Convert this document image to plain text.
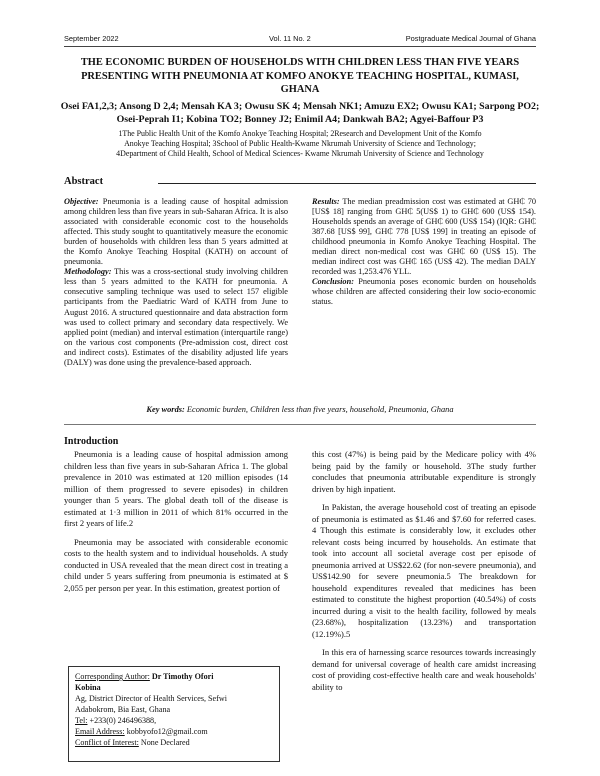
September 2022	Vol. 11 No. 2	Postgraduate Medical Journal of Ghana
THE ECONOMIC BURDEN OF HOUSEHOLDS WITH CHILDREN LESS THAN FIVE YEARS PRESENTING WITH PNEUMONIA AT KOMFO ANOKYE TEACHING HOSPITAL, KUMASI, GHANA

Osei FA1,2,3; Ansong D 2,4; Mensah KA 3; Owusu SK 4; Mensah NK1; Amuzu EX2; Owusu KA1; Sarpong PO2; Osei-Peprah I1; Kobina TO2; Bonney J2; Enimil A4; Dankwah BA2; Agyei-Baffour P3

1The Public Health Unit of the Komfo Anokye Teaching Hospital; 2Research and Development Unit of the Komfo
Anokye Teaching Hospital; 3School of Public Health-Kwame Nkrumah University of Science and Technology;
4Department of Child Health, School of Medical Sciences- Kwame Nkrumah University of Science and Technology
Abstract

Objective: Pneumonia is a leading cause of hospital admission among children less than five years in sub-Saharan Africa. It is also associated with considerable economic cost to the households affected. This study sought to quantitatively measure the economic burden of households with children less than 5 years admitted at the Komfo Anokye Teaching Hospital (KATH) on account of pneumonia.

Methodology: This was a cross-sectional study involving children less than 5 years admitted to the KATH for pneumonia. A consecutive sampling technique was used to select 157 eligible participants from the Paediatric Ward of KATH from June to August 2016. A structured questionnaire and data abstraction form was used to collect primary and secondary data respectively. We applied point (median) and interval estimation (interquartile range) on the various cost components (Pre-admission cost, direct cost and indirect costs). Estimates of the disability adjusted life years (DALY) was done using the prevalence-based approach.

Results: The median preadmission cost was estimated at GH₵ 70 [US$ 18] ranging from GH₵ 5(US$ 1) to GH₵ 600 (US$ 154). Households spends an average of GH₵ 600 (US$ 154) (IQR: GH₵ 387.68 [US$ 99], GH₵ 778 [US$ 199] in treating an episode of childhood pneumonia in Komfo Anokye Teaching Hospital. The median direct non-medical cost was GH₵ 60 (US$ 15). The median indirect cost was GH₵ 165 (US$ 42). The median DALY recorded was 1,253.476 YLL.

Conclusion: Pneumonia poses economic burden on households whose children are affected considering their low socio-economic status.

Key words: Economic burden, Children less than five years, household, Pneumonia, Ghana
Introduction

Pneumonia is a leading cause of hospital admission among children less than five years in sub-Saharan Africa 1. The global prevalence in 2010 was estimated at 120 million episodes (14 million of them progressed to severe episodes) in children younger than 5 years. The global death toll of the disease is estimated at 1·3 million in 2011 of which 81% occurred in the first 2 years of life.2

Pneumonia may be associated with considerable economic costs to the health system and to individual households. A study conducted in USA revealed that the mean direct cost in treating a child under 5 years suffering from pneumonia is estimated at $ 2,055 per person per year. In this estimation, greatest portion of

this cost (47%) is being paid by the Medicare policy with 4% being paid by the family or household. 3The study further concludes that pneumonia attributable expenditure is strongly driven by high inpatient.

In Pakistan, the average household cost of treating an episode of pneumonia is estimated as $1.46 and $7.60 for referred cases. 4 Though this estimate is considerably low, it excludes other relevant costs being incurred by households. An estimate that took into account all societal average cost per episode of pneumonia arrived at US$22.62 (for non-severe pneumonia), and US$142.90 for severe pneumonia.5 The breakdown for household expenditures revealed that medicines has been estimated to constitute the highest proportion (40.54%) of costs incurred during a visit to the health facility, followed by meals (23.68%), hospitalization (13.23%) and transportation (12.19%).5

In this era of harnessing scarce resources towards increasingly demand for universal coverage of health care amidst increasing cost of providing cost-effective health care and weak households' ability to

Corresponding Author: Dr Timothy Ofori
Kobina
Ag, District Director of Health Services, Sefwi
Adabokrom, Bia East, Ghana
Tel: +233(0) 246496388,
Email Address: kobbyofo12@gmail.com
Conflict of Interest: None Declared
